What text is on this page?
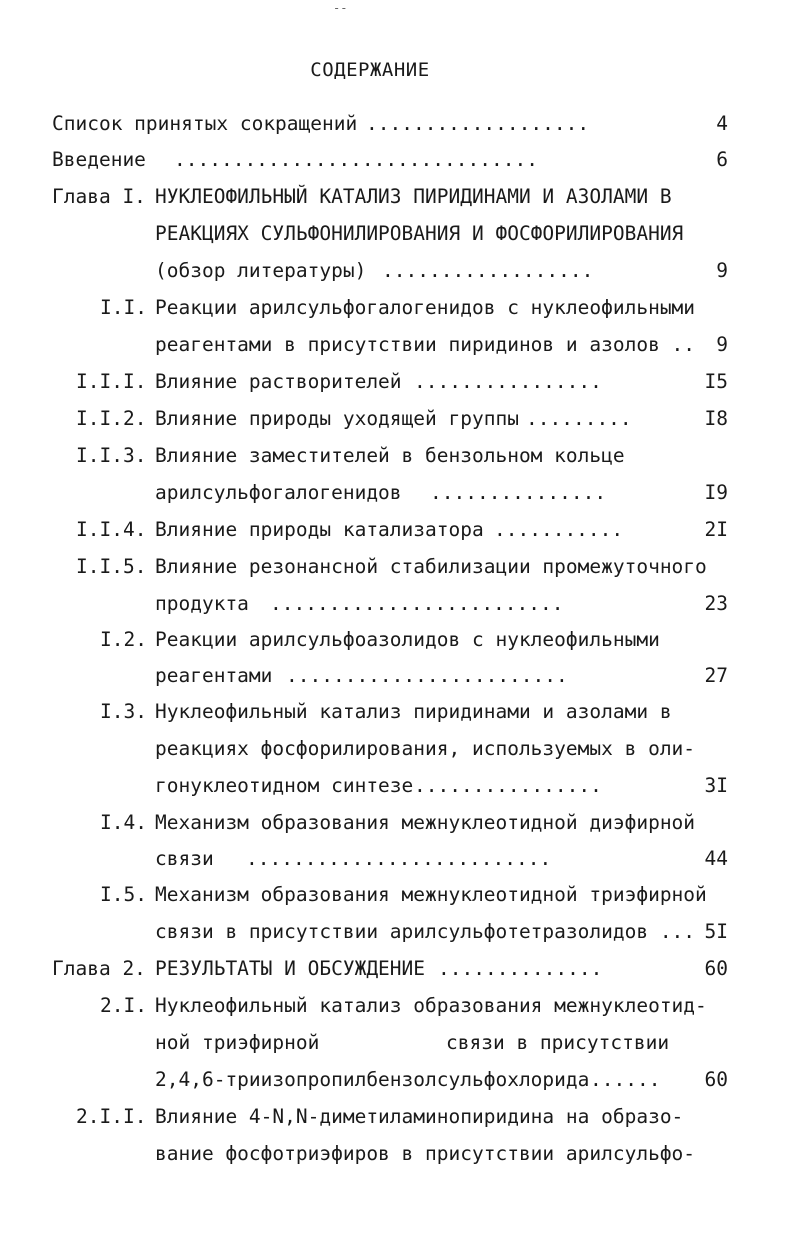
--
СОДЕРЖАНИЕ
Список принятых сокращений ...................	4
Введение ...............................	6
Глава I. НУКЛЕОФИЛЬНЫЙ КАТАЛИЗ ПИРИДИНАМИ И АЗОЛАМИ В
РЕАКЦИЯХ СУЛЬФОНИЛИРОВАНИЯ И ФОСФОРИЛИРОВАНИЯ
(обзор литературы) ..................	9
I.I. Реакции арилсульфогалогенидов с нуклеофильными
реагентами в присутствии пиридинов и азолов ..	9
I.I.I. Влияние растворителей ................	I5
I.I.2. Влияние природы уходящей группы .........	I8
I.I.3. Влияние заместителей в бензольном кольце
арилсульфогалогенидов ...............	I9
I.I.4. Влияние природы катализатора ...........	2I
I.I.5. Влияние резонансной стабилизации промежуточного
продукта .........................	23
I.2. Реакции арилсульфоазолидов с нуклеофильными
реагентами ........................	27
I.3. Нуклеофильный катализ пиридинами и азолами в
реакциях фосфорилирования, используемых в оли-
гонуклеотидном синтезе ................	3I
I.4. Механизм образования межнуклеотидной диэфирной
связи ..........................	44
I.5. Механизм образования межнуклеотидной триэфирной
связи в присутствии арилсульфотетразолидов ... 5I
Глава 2. РЕЗУЛЬТАТЫ И ОБСУЖДЕНИЕ ..............	60
2.I. Нуклеофильный катализ образования межнуклеотид-
ной триэфирной	связи в присутствии
2,4,6-триизопропилбензолсульфохлорида ......	60
2.I.I. Влияние 4-N,N-диметиламинопиридина на образо-
вание фосфотриэфиров в присутствии арилсульфо-
